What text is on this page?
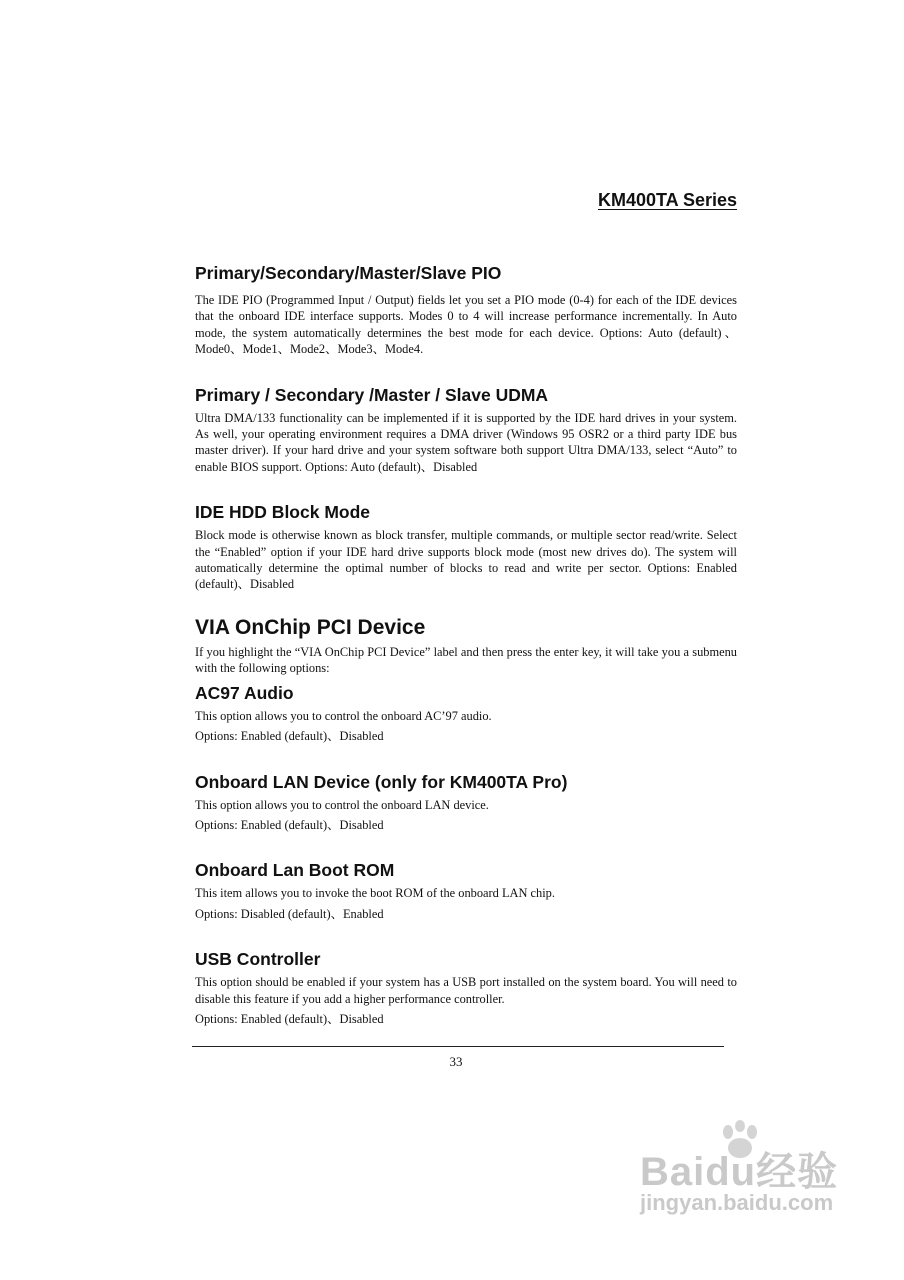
KM400TA Series
Primary/Secondary/Master/Slave PIO

The IDE PIO (Programmed Input / Output) fields let you set a PIO mode (0-4) for each of the IDE devices that the onboard IDE interface supports. Modes 0 to 4 will increase performance incrementally. In Auto mode, the system automatically determines the best mode for each device. Options: Auto (default)、Mode0、Mode1、Mode2、Mode3、Mode4.

Primary / Secondary /Master / Slave UDMA

Ultra DMA/133 functionality can be implemented if it is supported by the IDE hard drives in your system. As well, your operating environment requires a DMA driver (Windows 95 OSR2 or a third party IDE bus master driver). If your hard drive and your system software both support Ultra DMA/133, select “Auto” to enable BIOS support. Options: Auto (default)、Disabled

IDE HDD Block Mode

Block mode is otherwise known as block transfer, multiple commands, or multiple sector read/write. Select the “Enabled” option if your IDE hard drive supports block mode (most new drives do). The system will automatically determine the optimal number of blocks to read and write per sector. Options: Enabled (default)、Disabled

VIA OnChip PCI Device

If you highlight the “VIA OnChip PCI Device” label and then press the enter key, it will take you a submenu with the following options:

AC97 Audio

This option allows you to control the onboard AC’97 audio.

Options: Enabled (default)、Disabled

Onboard LAN Device (only for KM400TA Pro)

This option allows you to control the onboard LAN device.

Options: Enabled (default)、Disabled

Onboard Lan Boot ROM

This item allows you to invoke the boot ROM of the onboard LAN chip.

Options: Disabled (default)、Enabled

USB Controller

This option should be enabled if your system has a USB port installed on the system board. You will need to disable this feature if you add a higher performance controller.

Options: Enabled (default)、Disabled

33
Baidu经验
jingyan.baidu.com
